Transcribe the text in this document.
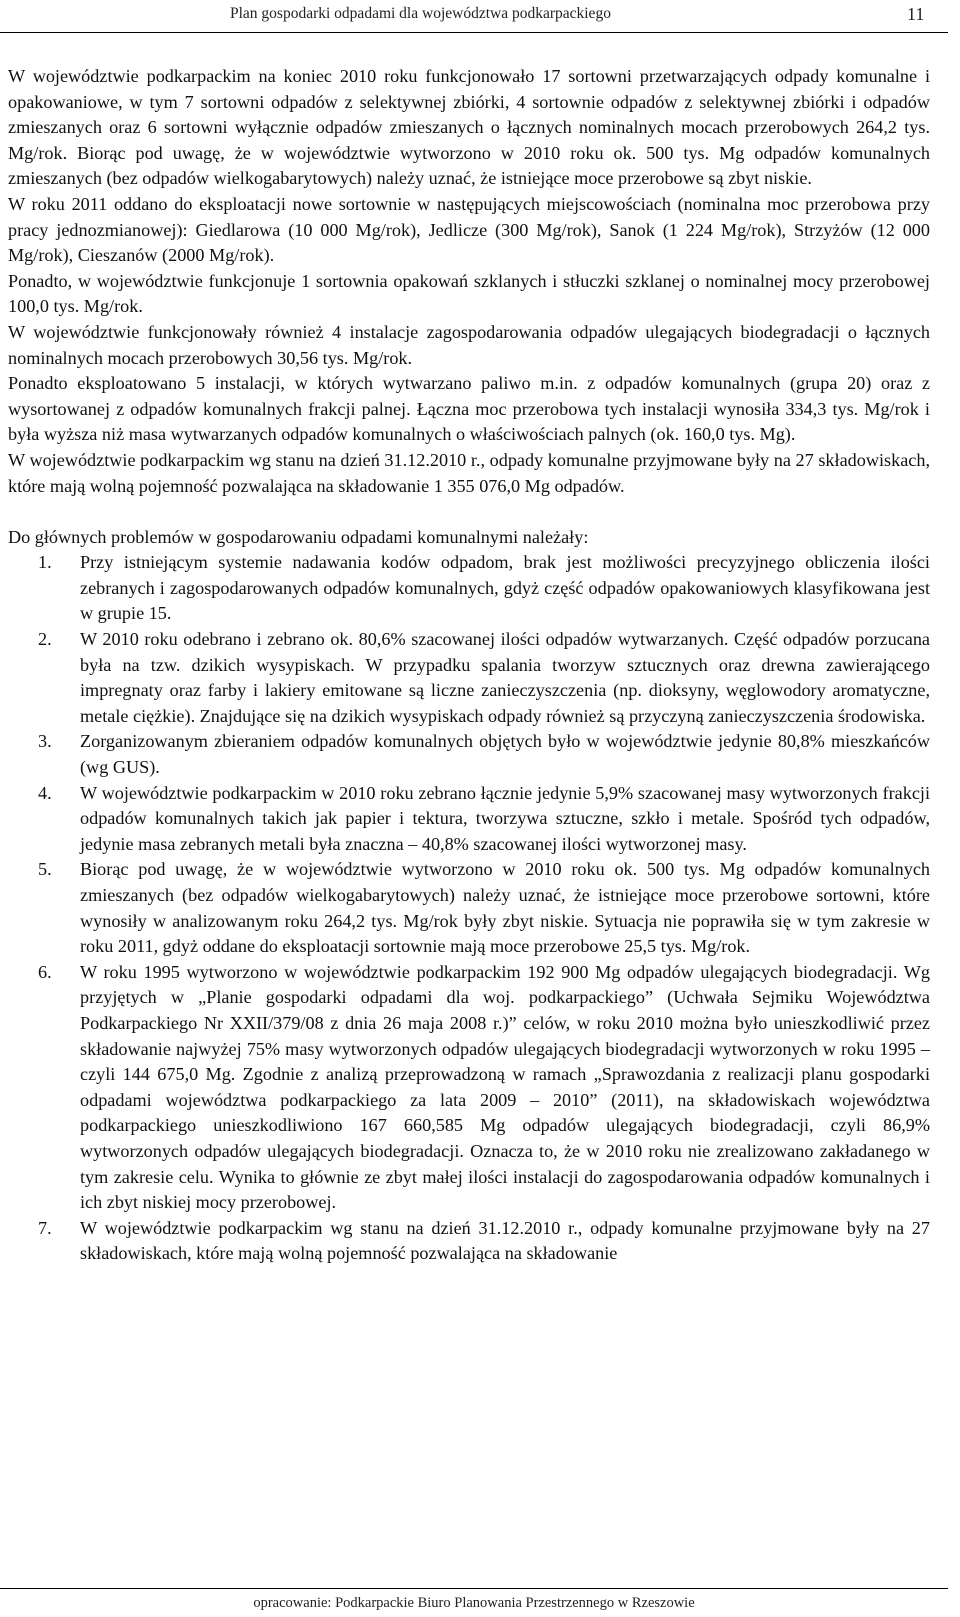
Plan gospodarki odpadami dla województwa podkarpackiego	11

W województwie podkarpackim na koniec 2010 roku funkcjonowało 17 sortowni przetwarzających odpady komunalne i opakowaniowe, w tym 7 sortowni odpadów z selektywnej zbiórki, 4 sortownie odpadów z selektywnej zbiórki i odpadów zmieszanych oraz 6 sortowni wyłącznie odpadów zmieszanych o łącznych nominalnych mocach przerobowych 264,2 tys. Mg/rok. Biorąc pod uwagę, że w województwie wytworzono w 2010 roku ok. 500 tys. Mg odpadów komunalnych zmieszanych (bez odpadów wielkogabarytowych) należy uznać, że istniejące moce przerobowe są zbyt niskie.

W roku 2011 oddano do eksploatacji nowe sortownie w następujących miejscowościach (nominalna moc przerobowa przy pracy jednozmianowej): Giedlarowa (10 000 Mg/rok), Jedlicze (300 Mg/rok), Sanok (1 224 Mg/rok), Strzyżów (12 000 Mg/rok), Cieszanów (2000 Mg/rok).

Ponadto, w województwie funkcjonuje 1 sortownia opakowań szklanych i stłuczki szklanej o nominalnej mocy przerobowej 100,0 tys. Mg/rok.

W województwie funkcjonowały również 4 instalacje zagospodarowania odpadów ulegających biodegradacji o łącznych nominalnych mocach przerobowych 30,56 tys. Mg/rok.

Ponadto eksploatowano 5 instalacji, w których wytwarzano paliwo m.in. z odpadów komunalnych (grupa 20) oraz z wysortowanej z odpadów komunalnych frakcji palnej. Łączna moc przerobowa tych instalacji wynosiła 334,3 tys. Mg/rok i była wyższa niż masa wytwarzanych odpadów komunalnych o właściwościach palnych (ok. 160,0 tys. Mg).

W województwie podkarpackim wg stanu na dzień 31.12.2010 r., odpady komunalne przyjmowane były na 27 składowiskach, które mają wolną pojemność pozwalająca na składowanie 1 355 076,0 Mg odpadów.

Do głównych problemów w gospodarowaniu odpadami komunalnymi należały:

1. Przy istniejącym systemie nadawania kodów odpadom, brak jest możliwości precyzyjnego obliczenia ilości zebranych i zagospodarowanych odpadów komunalnych, gdyż część odpadów opakowaniowych klasyfikowana jest w grupie 15.
2. W 2010 roku odebrano i zebrano ok. 80,6% szacowanej ilości odpadów wytwarzanych. Część odpadów porzucana była na tzw. dzikich wysypiskach. W przypadku spalania tworzyw sztucznych oraz drewna zawierającego impregnaty oraz farby i lakiery emitowane są liczne zanieczyszczenia (np. dioksyny, węglowodory aromatyczne, metale ciężkie). Znajdujące się na dzikich wysypiskach odpady również są przyczyną zanieczyszczenia środowiska.
3. Zorganizowanym zbieraniem odpadów komunalnych objętych było w województwie jedynie 80,8% mieszkańców (wg GUS).
4. W województwie podkarpackim w 2010 roku zebrano łącznie jedynie 5,9% szacowanej masy wytworzonych frakcji odpadów komunalnych takich jak papier i tektura, tworzywa sztuczne, szkło i metale. Spośród tych odpadów, jedynie masa zebranych metali była znaczna – 40,8% szacowanej ilości wytworzonej masy.
5. Biorąc pod uwagę, że w województwie wytworzono w 2010 roku ok. 500 tys. Mg odpadów komunalnych zmieszanych (bez odpadów wielkogabarytowych) należy uznać, że istniejące moce przerobowe sortowni, które wynosiły w analizowanym roku 264,2 tys. Mg/rok były zbyt niskie. Sytuacja nie poprawiła się w tym zakresie w roku 2011, gdyż oddane do eksploatacji sortownie mają moce przerobowe 25,5 tys. Mg/rok.
6. W roku 1995 wytworzono w województwie podkarpackim 192 900 Mg odpadów ulegających biodegradacji. Wg przyjętych w „Planie gospodarki odpadami dla woj. podkarpackiego” (Uchwała Sejmiku Województwa Podkarpackiego Nr XXII/379/08 z dnia 26 maja 2008 r.)” celów, w roku 2010 można było unieszkodliwić przez składowanie najwyżej 75% masy wytworzonych odpadów ulegających biodegradacji wytworzonych w roku 1995 – czyli 144 675,0 Mg. Zgodnie z analizą przeprowadzoną w ramach „Sprawozdania z realizacji planu gospodarki odpadami województwa podkarpackiego za lata 2009 – 2010” (2011), na składowiskach województwa podkarpackiego unieszkodliwiono 167 660,585 Mg odpadów ulegających biodegradacji, czyli 86,9% wytworzonych odpadów ulegających biodegradacji. Oznacza to, że w 2010 roku nie zrealizowano zakładanego w tym zakresie celu. Wynika to głównie ze zbyt małej ilości instalacji do zagospodarowania odpadów komunalnych i ich zbyt niskiej mocy przerobowej.
7. W województwie podkarpackim wg stanu na dzień 31.12.2010 r., odpady komunalne przyjmowane były na 27 składowiskach, które mają wolną pojemność pozwalająca na składowanie
opracowanie: Podkarpackie Biuro Planowania Przestrzennego w Rzeszowie
